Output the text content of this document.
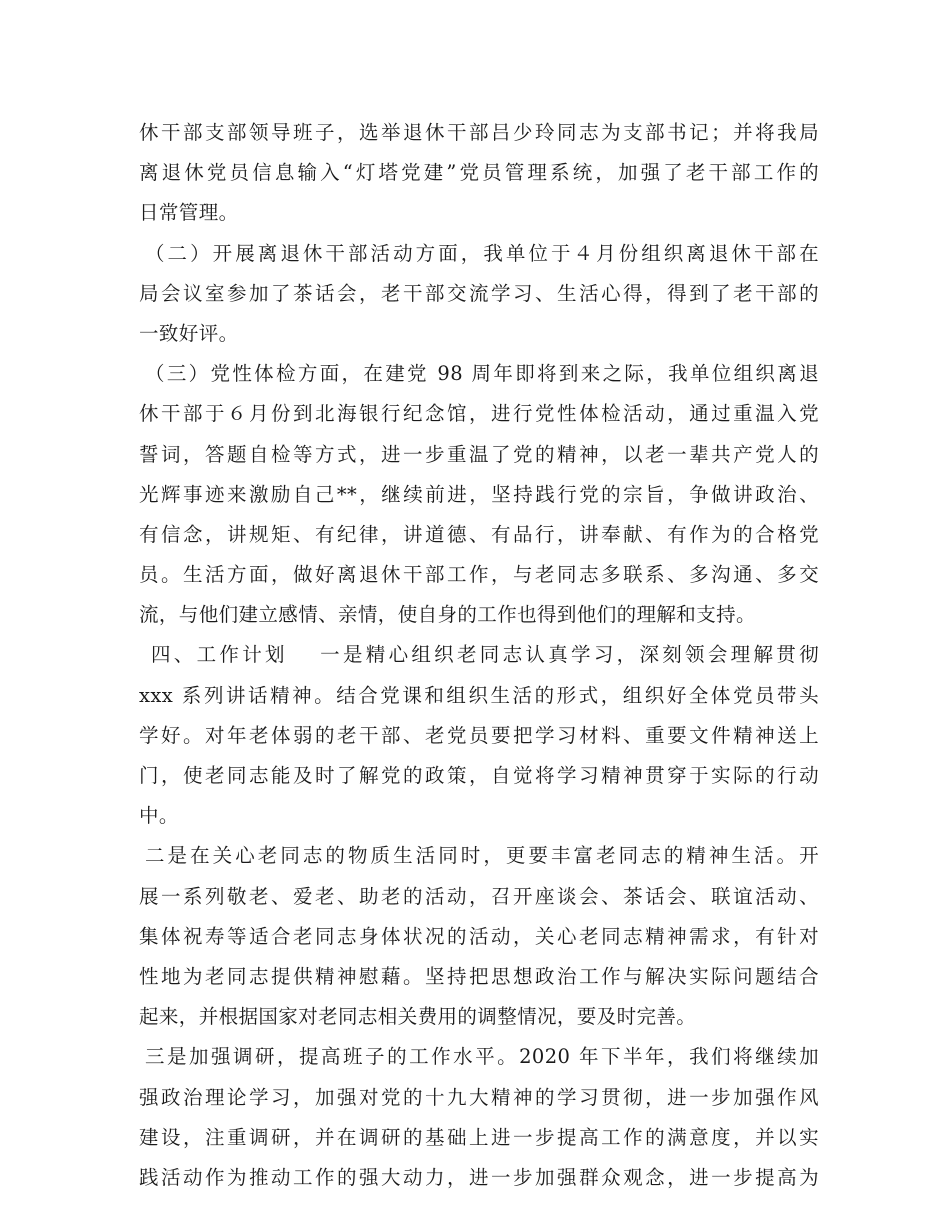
休干部支部领导班子，选举退休干部吕少玲同志为支部书记；并将我局
离退休党员信息输入“灯塔党建”党员管理系统，加强了老干部工作的
日常管理。
（二）开展离退休干部活动方面，我单位于４月份组织离退休干部在
局会议室参加了茶话会，老干部交流学习、生活心得，得到了老干部的
一致好评。
（三）党性体检方面，在建党 98 周年即将到来之际，我单位组织离退
休干部于６月份到北海银行纪念馆，进行党性体检活动，通过重温入党
誓词，答题自检等方式，进一步重温了党的精神，以老一辈共产党人的
光辉事迹来激励自己**，继续前进，坚持践行党的宗旨，争做讲政治、
有信念，讲规矩、有纪律，讲道德、有品行，讲奉献、有作为的合格党
员。生活方面，做好离退休干部工作，与老同志多联系、多沟通、多交
流，与他们建立感情、亲情，使自身的工作也得到他们的理解和支持。
四、工作计划　 一是精心组织老同志认真学习，深刻领会理解贯彻
xxx 系列讲话精神。结合党课和组织生活的形式，组织好全体党员带头
学好。对年老体弱的老干部、老党员要把学习材料、重要文件精神送上
门，使老同志能及时了解党的政策，自觉将学习精神贯穿于实际的行动
中。
二是在关心老同志的物质生活同时，更要丰富老同志的精神生活。开
展一系列敬老、爱老、助老的活动，召开座谈会、茶话会、联谊活动、
集体祝寿等适合老同志身体状况的活动，关心老同志精神需求，有针对
性地为老同志提供精神慰藉。坚持把思想政治工作与解决实际问题结合
起来，并根据国家对老同志相关费用的调整情况，要及时完善。
三是加强调研，提高班子的工作水平。2020 年下半年，我们将继续加
强政治理论学习，加强对党的十九大精神的学习贯彻，进一步加强作风
建设，注重调研，并在调研的基础上进一步提高工作的满意度，并以实
践活动作为推动工作的强大动力，进一步加强群众观念，进一步提高为
